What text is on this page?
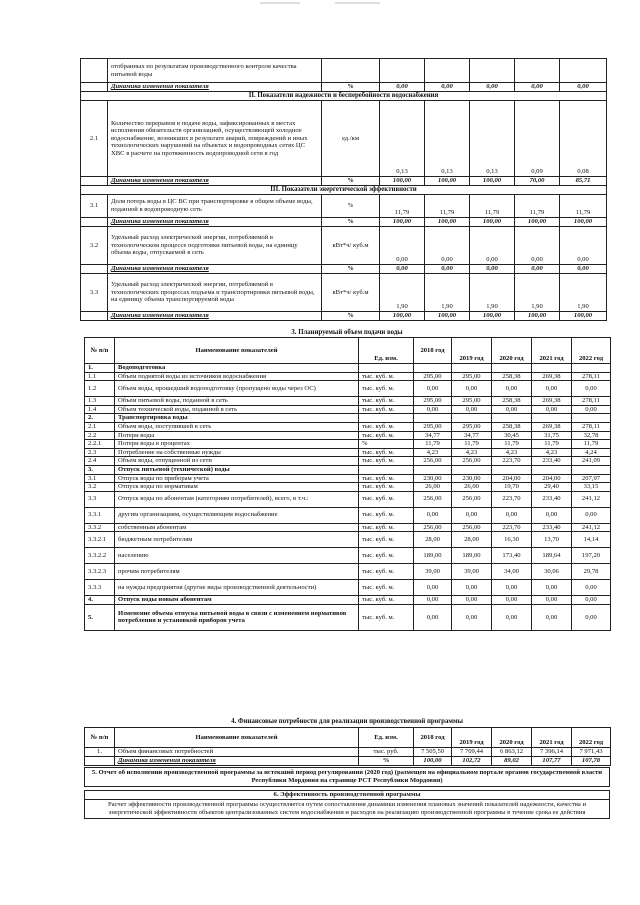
	отобранных по результатам производственного контроля качества питьевой воды						
	Динамика изменения показателя	%	0,00	0,00	0,00	0,00	0,00
II. Показатели надежности и бесперебойности водоснабжения							
2.1	Количество перерывов в подаче воды, зафиксированных в местах исполнения обязательств организацией, осуществляющей холодное водоснабжение, возникших в результате аварий, повреждений и иных технологических нарушений на объектах и водопроводных сетях ЦС ХВС в расчете на протяженность водопроводной сети в год	ед./км	0,13	0,13	0,13	0,09	0,08
	Динамика изменения показателя	%	100,00	100,00	100,00	70,00	85,71
III. Показатели энергетической эффективности							
3.1	Доля потерь воды в ЦС ВС при транспортировке в общем объеме воды, поданной в водопроводную сеть	%	11,79	11,79	11,79	11,79	11,79
	Динамика изменения показателя	%	100,00	100,00	100,00	100,00	100,00
3.2	Удельный расход электрической энергии, потребляемой в технологическом процессе подготовки питьевой воды, на единицу объема воды, отпускаемой в сеть	кВт*ч/ куб.м	0,00	0,00	0,00	0,00	0,00
	Динамика изменения показателя	%	0,00	0,00	0,00	0,00	0,00
3.3	Удельный расход электрической энергии, потребляемой в технологических процессах подъема и транспортировки питьевой воды, на единицу объема транспортируемой воды	кВт*ч/ куб.м	1,90	1,90	1,90	1,90	1,90
	Динамика изменения показателя	%	100,00	100,00	100,00	100,00	100,00
3. Планируемый объем подачи воды
№ п/п	Наименование показателей	Ед. изм.	2018 год	2019 год	2020 год	2021 год	2022 год
1.	Водоподготовка						
1.1	Объем поднятой воды из источников водоснабжения	тыс. куб. м.	295,00	295,00	258,38	269,38	278,11
1.2	Объем воды, прошедший водоподготовку (пропущено воды через ОС)	тыс. куб. м.	0,00	0,00	0,00	0,00	0,00
1.3	Объем питьевой воды, поданной в сеть	тыс. куб. м.	295,00	295,00	258,38	269,38	278,11
1.4	Объем технической воды, поданной в сеть	тыс. куб. м.	0,00	0,00	0,00	0,00	0,00
2.	Транспортировка воды						
2.1	Объем воды, поступившей в сеть	тыс. куб. м.	295,00	295,00	258,38	269,38	278,11
2.2	Потери воды	тыс. куб. м.	34,77	34,77	30,45	31,75	32,78
2.2.1	Потери воды в процентах	%	11,79	11,79	11,79	11,79	11,79
2.3	Потребление на собственные нужды	тыс. куб. м.	4,23	4,23	4,23	4,23	4,24
2.4	Объем воды, отпущенной из сети	тыс. куб. м.	256,00	256,00	223,70	233,40	241,09
3.	Отпуск питьевой (технической) воды						
3.1	Отпуск воды по приборам учета	тыс. куб. м.	230,00	230,00	204,00	204,00	207,97
3.2	Отпуск воды по нормативам	тыс. куб. м.	26,00	26,00	19,70	29,40	33,15
3.3	Отпуск воды по абонентам (категориям потребителей), всего, в т.ч.:	тыс. куб. м.	256,00	256,00	223,70	233,40	241,12
3.3.1	другим организациям, осуществляющим водоснабжение	тыс. куб. м.	0,00	0,00	0,00	0,00	0,00
3.3.2	собственным абонентам	тыс. куб. м.	256,00	256,00	223,70	233,40	241,12
3.3.2.1	бюджетным потребителям	тыс. куб. м.	28,00	28,00	16,30	13,70	14,14
3.3.2.2	населению	тыс. куб. м.	189,00	189,00	173,40	189,64	197,20
3.3.2.3	прочим потребителям	тыс. куб. м.	39,00	39,00	34,00	30,06	29,78
3.3.3	на нужды предприятия (другие виды производственной деятельности)	тыс. куб. м.	0,00	0,00	0,00	0,00	0,00
4.	Отпуск воды новым абонентам	тыс. куб. м.	0,00	0,00	0,00	0,00	0,00
5.	Изменение объема отпуска питьевой воды в связи с изменением нормативов потребления и установкой приборов учета	тыс. куб. м.	0,00	0,00	0,00	0,00	0,00
4. Финансовые потребности для реализации производственной программы
№ п/п	Наименование показателей	Ед. изм.	2018 год	2019 год	2020 год	2021 год	2022 год
1.	Объем финансовых потребностей	тыс. руб.	7 505,50	7 709,44	6 863,12	7 396,14	7 971,43
	Динамика изменения показателя	%	100,00	102,72	89,02	107,77	107,78
5. Отчет об исполнении производственной программы за истекший период регулирования (2020 год) (размещен на официальном портале органов государственной власти Республики Мордовия на странице РСТ Республики Мордовия)
6. Эффективность производственной программы
Расчет эффективности производственной программы осуществляется путем сопоставления динамики изменения плановых значений показателей надежности, качества и энергетической эффективности объектов централизованных систем водоснабжения и расходов на реализацию производственной программы в течение срока ее действия
